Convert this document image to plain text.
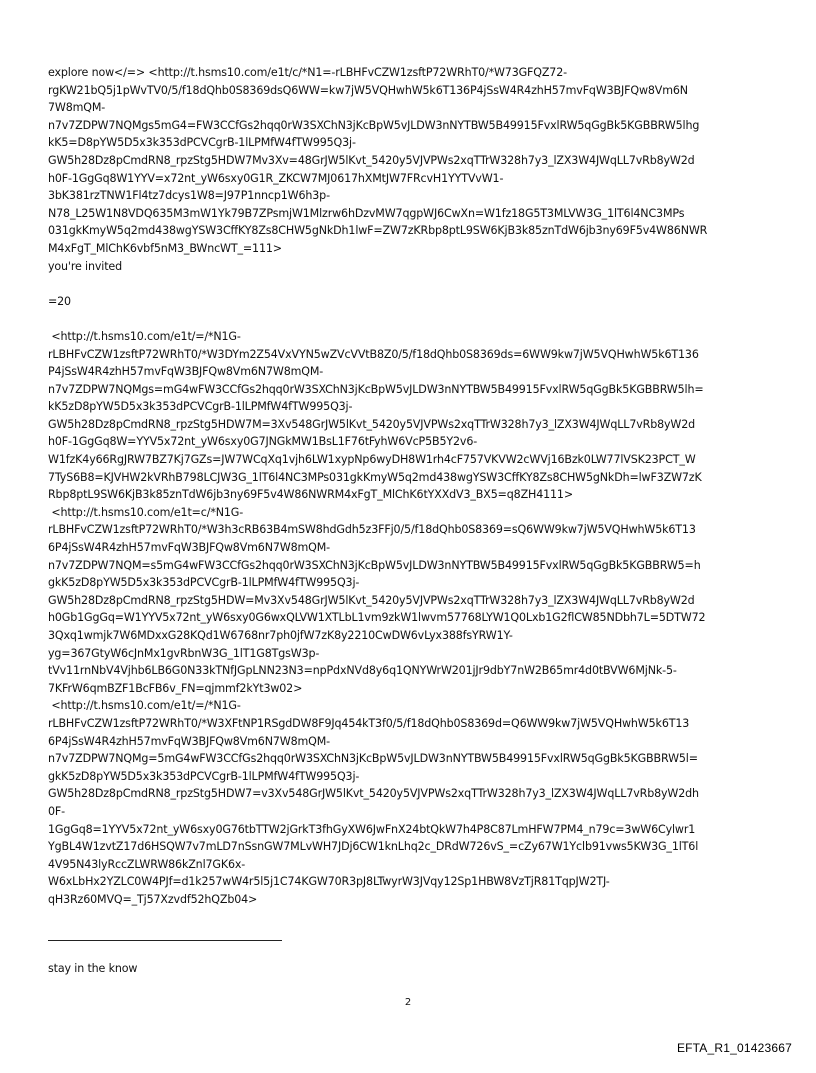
explore now</=> <http://t.hsms10.com/e1t/c/*N1=-rLBHFvCZW1zsftP72WRhT0/*W73GFQZ72-
rgKW21bQ5j1pWvTV0/5/f18dQhb0S8369dsQ6WW=kw7jW5VQHwhW5k6T136P4jSsW4R4zhH57mvFqW3BJFQw8Vm6N
7W8mQM-
n7v7ZDPW7NQMgs5mG4=FW3CCfGs2hqq0rW3SXChN3jKcBpW5vJLDW3nNYTBW5B49915FvxlRW5qGgBk5KGBBRW5lhg
kK5=D8pYW5D5x3k353dPCVCgrB-1lLPMfW4fTW995Q3j-
GW5h28Dz8pCmdRN8_rpzStg5HDW7Mv3Xv=48GrJW5lKvt_5420y5VJVPWs2xqTTrW328h7y3_lZX3W4JWqLL7vRb8yW2d
h0F-1GgGq8W1YYV=x72nt_yW6sxy0G1R_ZKCW7MJ0617hXMtJW7FRcvH1YYTVvW1-
3bK381rzTNW1Fl4tz7dcys1W8=J97P1nncp1W6h3p-
N78_L25W1N8VDQ635M3mW1Yk79B7ZPsmjW1Mlzrw6hDzvMW7qgpWJ6CwXn=W1fz18G5T3MLVW3G_1lT6l4NC3MPs
031gkKmyW5q2md438wgYSW3CffKY8Zs8CHW5gNkDh1lwF=ZW7zKRbp8ptL9SW6KjB3k85znTdW6jb3ny69F5v4W86NWR
M4xFgT_MlChK6vbf5nM3_BWncWT_=111>
you're invited
=20
<http://t.hsms10.com/e1t/=/*N1G-
rLBHFvCZW1zsftP72WRhT0/*W3DYm2Z54VxVYN5wZVcVVtB8Z0/5/f18dQhb0S8369ds=6WW9kw7jW5VQHwhW5k6T136
P4jSsW4R4zhH57mvFqW3BJFQw8Vm6N7W8mQM-
n7v7ZDPW7NQMgs=mG4wFW3CCfGs2hqq0rW3SXChN3jKcBpW5vJLDW3nNYTBW5B49915FvxlRW5qGgBk5KGBBRW5lh=
kK5zD8pYW5D5x3k353dPCVCgrB-1lLPMfW4fTW995Q3j-
GW5h28Dz8pCmdRN8_rpzStg5HDW7M=3Xv548GrJW5lKvt_5420y5VJVPWs2xqTTrW328h7y3_lZX3W4JWqLL7vRb8yW2d
h0F-1GgGq8W=YYV5x72nt_yW6sxy0G7JNGkMW1BsL1F76tFyhW6VcP5B5Y2v6-
W1fzK4y66RgJRW7BZ7Kj7GZs=JW7WCqXq1vjh6LW1xypNp6wyDH8W1rh4cF757VKVW2cWVj16Bzk0LW77lVSK23PCT_W
7TyS6B8=KJVHW2kVRhB798LCJW3G_1lT6l4NC3MPs031gkKmyW5q2md438wgYSW3CffKY8Zs8CHW5gNkDh=lwF3ZW7zK
Rbp8ptL9SW6KjB3k85znTdW6jb3ny69F5v4W86NWRM4xFgT_MlChK6tYXXdV3_BX5=q8ZH4111>
<http://t.hsms10.com/e1t=c/*N1G-
rLBHFvCZW1zsftP72WRhT0/*W3h3cRB63B4mSW8hdGdh5z3FFj0/5/f18dQhb0S8369=sQ6WW9kw7jW5VQHwhW5k6T13
6P4jSsW4R4zhH57mvFqW3BJFQw8Vm6N7W8mQM-
n7v7ZDPW7NQM=s5mG4wFW3CCfGs2hqq0rW3SXChN3jKcBpW5vJLDW3nNYTBW5B49915FvxlRW5qGgBk5KGBBRW5=h
gkK5zD8pYW5D5x3k353dPCVCgrB-1lLPMfW4fTW995Q3j-
GW5h28Dz8pCmdRN8_rpzStg5HDW=Mv3Xv548GrJW5lKvt_5420y5VJVPWs2xqTTrW328h7y3_lZX3W4JWqLL7vRb8yW2d
h0Gb1GgGq=W1YYV5x72nt_yW6sxy0G6wxQLVW1XTLbL1vm9zkW1lwvm57768LYW1Q0Lxb1G2flCW85NDbh7L=5DTW72
3Qxq1wmjk7W6MDxxG28KQd1W6768nr7ph0jfW7zK8y2210CwDW6vLyx388fsYRW1Y-
yg=367GtyW6cJnMx1gvRbnW3G_1lT1G8TgsW3p-
tVv11rnNbV4Vjhb6LB6G0N33kTNfJGpLNN23N3=npPdxNVd8y6q1QNYWrW201jJr9dbY7nW2B65mr4d0tBVW6MjNk-5-
7KFrW6qmBZF1BcFB6v_FN=qjmmf2kYt3w02>
<http://t.hsms10.com/e1t/=/*N1G-
rLBHFvCZW1zsftP72WRhT0/*W3XFtNP1RSgdDW8F9Jq454kT3f0/5/f18dQhb0S8369d=Q6WW9kw7jW5VQHwhW5k6T13
6P4jSsW4R4zhH57mvFqW3BJFQw8Vm6N7W8mQM-
n7v7ZDPW7NQMg=5mG4wFW3CCfGs2hqq0rW3SXChN3jKcBpW5vJLDW3nNYTBW5B49915FvxlRW5qGgBk5KGBBRW5l=
gkK5zD8pYW5D5x3k353dPCVCgrB-1lLPMfW4fTW995Q3j-
GW5h28Dz8pCmdRN8_rpzStg5HDW7=v3Xv548GrJW5lKvt_5420y5VJVPWs2xqTTrW328h7y3_lZX3W4JWqLL7vRb8yW2dh
0F-
1GgGq8=1YYV5x72nt_yW6sxy0G76tbTTW2jGrkT3fhGyXW6JwFnX24btQkW7h4P8C87LmHFW7PM4_n79c=3wW6Cylwr1
YgBL4W1zvtZ17d6HSQW7v7mLD7nSsnGW7MLvWH7JDj6CW1knLhq2c_DRdW726vS_=cZy67W1Yclb91vws5KW3G_1lT6l
4V95N43lyRccZLWRW86kZnl7GK6x-
W6xLbHx2YZLC0W4PJf=d1k257wW4r5l5j1C74KGW70R3pJ8LTwyrW3JVqy12Sp1HBW8VzTjR81TqpJW2TJ-
qH3Rz60MVQ=_Tj57Xzvdf52hQZb04>
stay in the know
2
EFTA_R1_01423667
